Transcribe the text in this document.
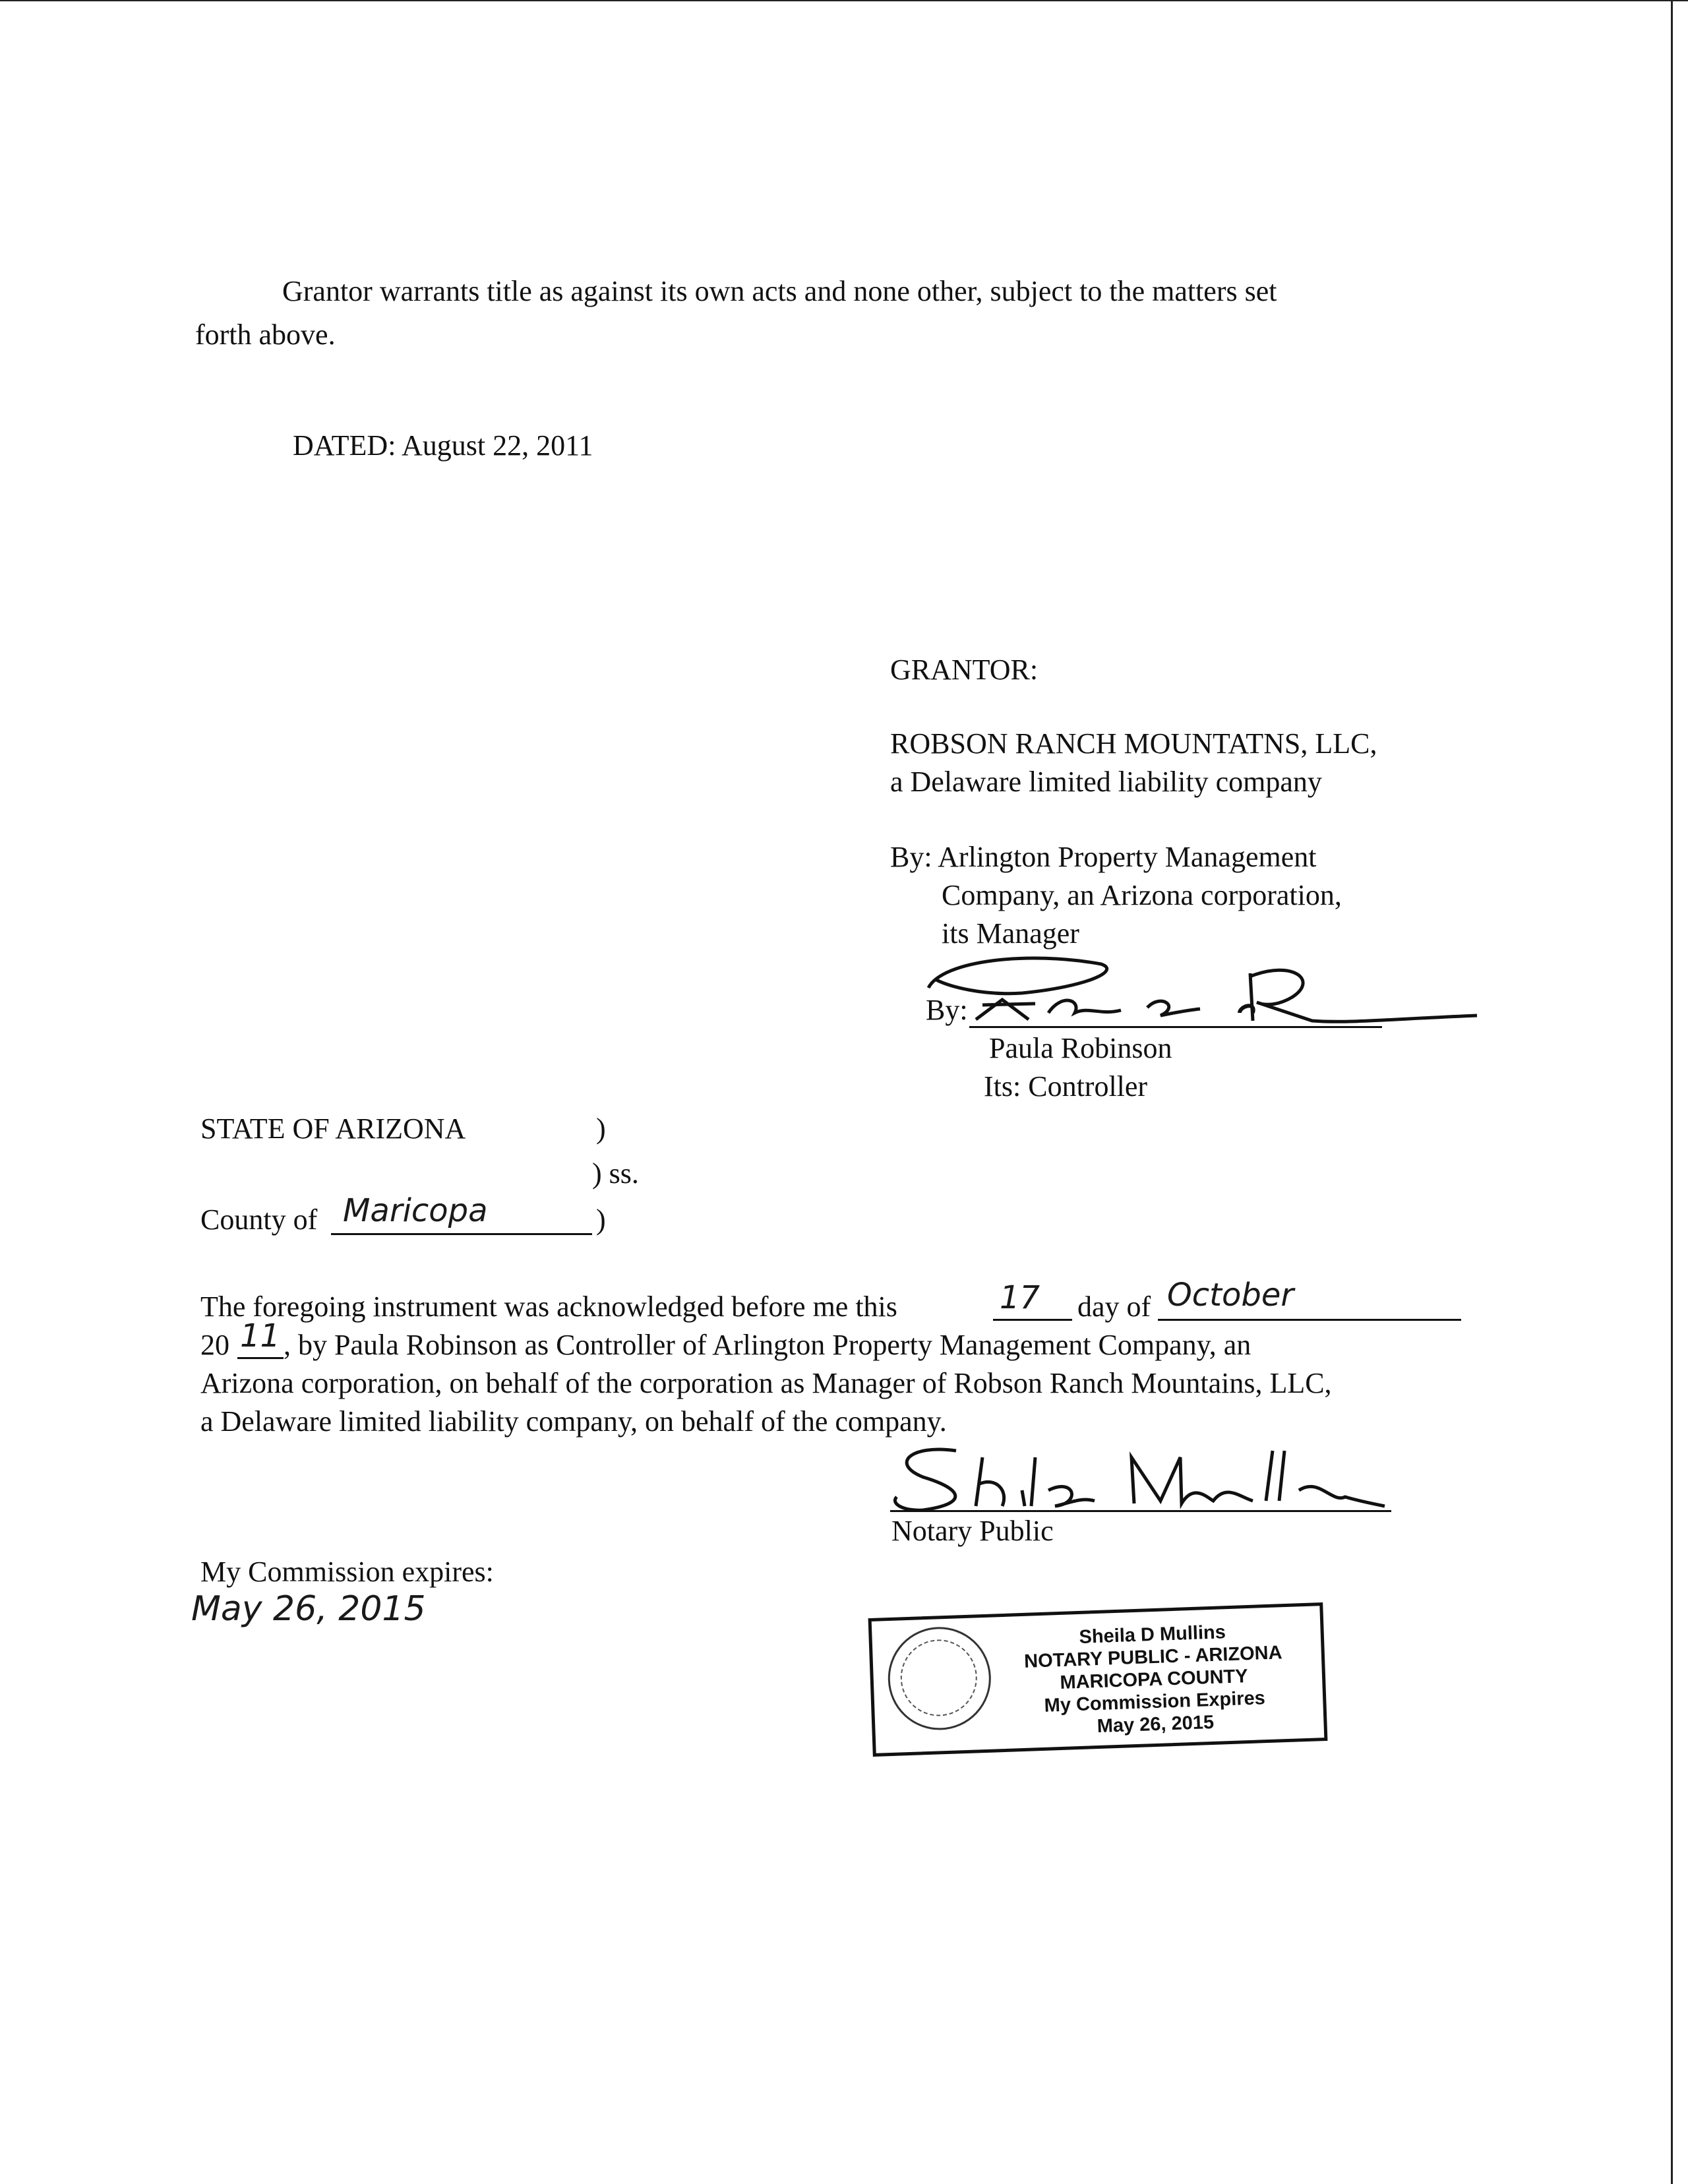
Grantor warrants title as against its own acts and none other, subject to the matters set
forth above.
DATED: August 22, 2011
GRANTOR:
ROBSON RANCH MOUNTATNS, LLC,
a Delaware limited liability company
By: Arlington Property Management
Company, an Arizona corporation,
its Manager
By:
Paula Robinson
Its: Controller
STATE OF ARIZONA	)
) ss.
County of Maricopa	)
The foregoing instrument was acknowledged before me this	17 day of October
20 11 , by Paula Robinson as Controller of Arlington Property Management Company, an
Arizona corporation, on behalf of the corporation as Manager of Robson Ranch Mountains, LLC,
a Delaware limited liability company, on behalf of the company.
Notary Public
My Commission expires:
May 26, 2015
Sheila D Mullins
NOTARY PUBLIC - ARIZONA
MARICOPA COUNTY
My Commission Expires
May 26, 2015
